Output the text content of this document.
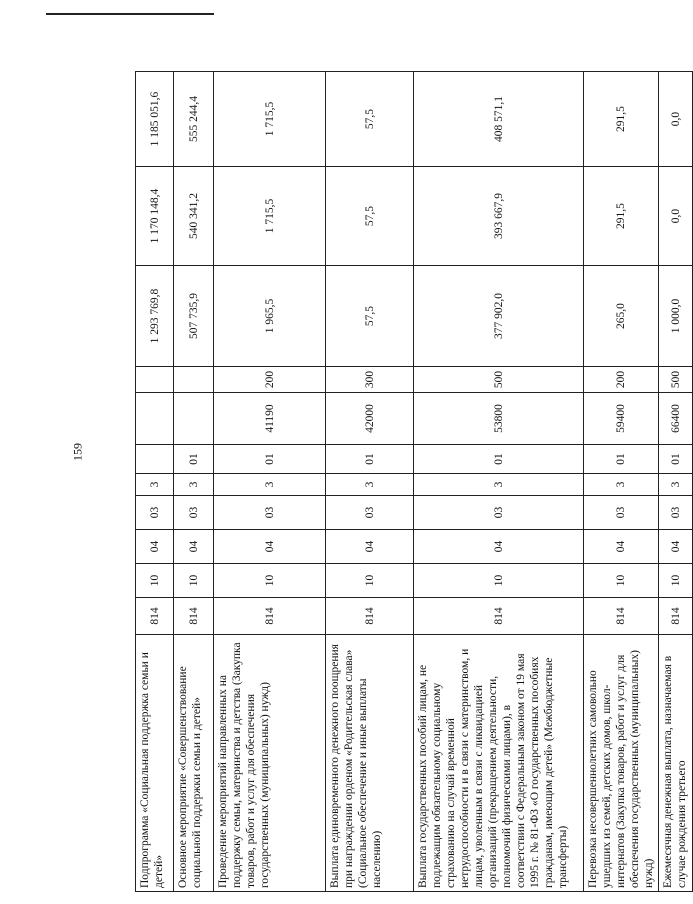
159
Подпрограмма «Социальная поддержка семьи и детей»	814	10	04	03	3				1 293 769,8	1 170 148,4	1 185 051,6
Основное мероприятие «Совершенствование социальной поддержки семьи и детей»	814	10	04	03	3	01			507 735,9	540 341,2	555 244,4
Проведение мероприятий направленных на поддержку семьи, материнства и детства (Закупка товаров, работ и услуг для обеспечения государственных (муниципальных) нужд)	814	10	04	03	3	01	41190	200	1 965,5	1 715,5	1 715,5
Выплата единовременного денежного поощрения при награждении орденом «Родительская слава» (Социальное обеспечение и иные выплаты населению)	814	10	04	03	3	01	42000	300	57,5	57,5	57,5
Выплата государственных пособий лицам, не подлежащим обязательному социальному страхованию на случай временной нетрудоспособности и в связи с материнством, и лицам, уволенным в связи с ликвидацией организаций (прекращением деятельности, полномочий физическими лицами), в соответствии с Федеральным законом от 19 мая 1995 г. № 81-ФЗ «О государственных пособиях гражданам, имеющим детей» (Межбюджетные трансферты)	814	10	04	03	3	01	53800	500	377 902,0	393 667,9	408 571,1
Перевозка несовершеннолетних самовольно ушедших из семей, детских домов, школ-интернатов (Закупка товаров, работ и услуг для обеспечения государственных (муниципальных) нужд)	814	10	04	03	3	01	59400	200	265,0	291,5	291,5
Ежемесячная денежная выплата, назначаемая в случае рождения третьего	814	10	04	03	3	01	66400	500	1 000,0	0,0	0,0
